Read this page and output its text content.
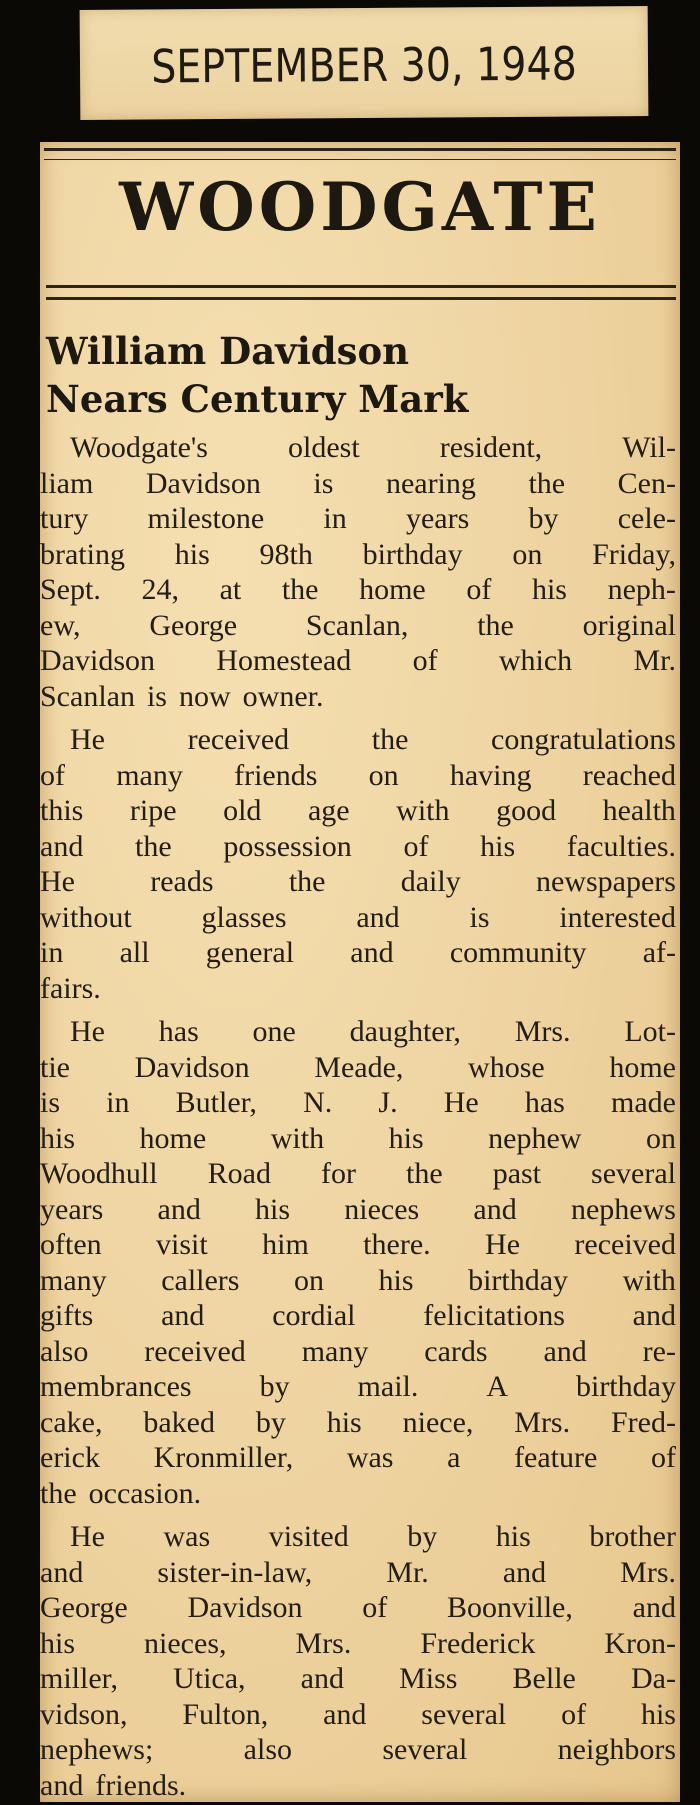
SEPTEMBER 30, 1948
WOODGATE
William Davidson
Nears Century Mark
Woodgate's	oldest	resident,	Wil-
liam Davidson is nearing the Cen-
tury milestone in years by cele-
brating his 98th birthday on Friday,
Sept. 24, at the home of his neph-
ew, George Scanlan, the original
Davidson Homestead of which Mr.
Scanlan is now owner.
He	received	the	congratulations
of many friends on having reached
this ripe old age with good health
and the possession of his faculties.
He	reads	the	daily	newspapers
without glasses and is interested
in all general and community af-
fairs.
He has one daughter, Mrs. Lot-
tie Davidson Meade, whose home
is in Butler, N. J. He has made
his home with his nephew on
Woodhull Road for the past several
years and his nieces and nephews
often visit him there. He received
many callers on his birthday with
gifts and cordial felicitations and
also received many cards and re-
membrances by mail. A birthday
cake, baked by his niece, Mrs. Fred-
erick Kronmiller, was a feature of
the occasion.
He was visited by his brother
and sister-in-law, Mr. and Mrs.
George Davidson of Boonville, and
his nieces, Mrs. Frederick Kron-
miller, Utica, and Miss Belle Da-
vidson, Fulton, and several of his
nephews;	also	several	neighbors
and friends.
